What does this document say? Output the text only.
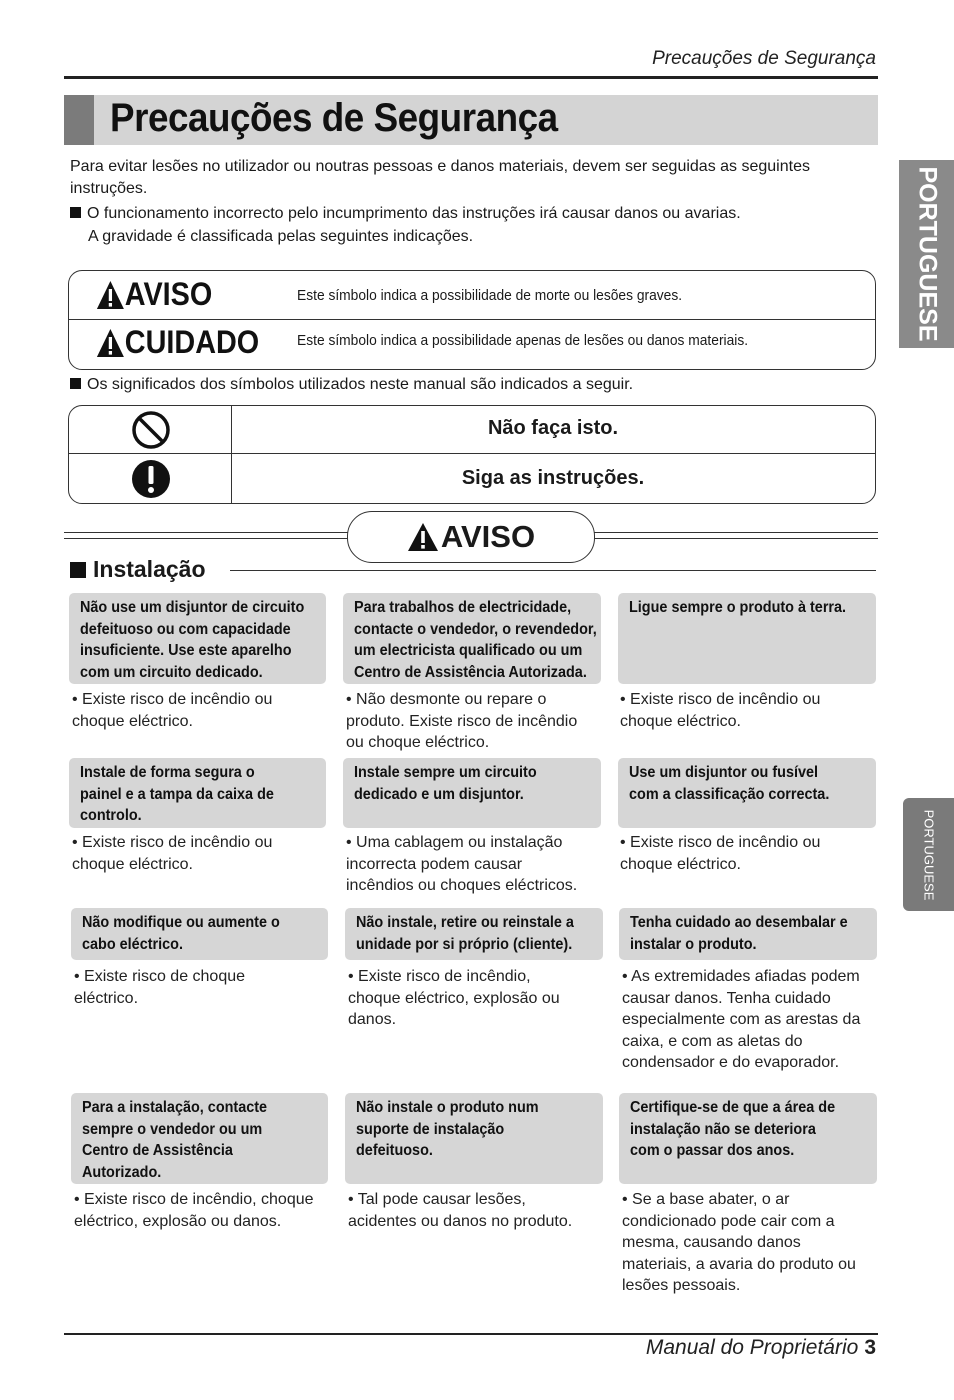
Precauções de Segurança
Precauções de Segurança

Para evitar lesões no utilizador ou noutras pessoas e danos materiais, devem ser seguidas as seguintes

instruções.

O funcionamento incorrecto pelo incumprimento das instruções irá causar danos ou avarias.

A gravidade é classificada pelas seguintes indicações.

AVISO	Este símbolo indica a possibilidade de morte ou lesões graves.
CUIDADO	Este símbolo indica a possibilidade apenas de lesões ou danos materiais.
Os significados dos símbolos utilizados neste manual são indicados a seguir.
Não faça isto.
Siga as instruções.
AVISO
Instalação
Não use um disjuntor de circuito
defeituoso ou com capacidade
insuficiente. Use este aparelho
com um circuito dedicado.
Para trabalhos de electricidade,
contacte o vendedor, o revendedor,
um electricista qualificado ou um
Centro de Assistência Autorizada.
Ligue sempre o produto à terra.
• Existe risco de incêndio ou
choque eléctrico.
• Não desmonte ou repare o
produto. Existe risco de incêndio
ou choque eléctrico.
• Existe risco de incêndio ou
choque eléctrico.
Instale de forma segura o
painel e a tampa da caixa de
controlo.
Instale sempre um circuito
dedicado e um disjuntor.
Use um disjuntor ou fusível
com a classificação correcta.
• Existe risco de incêndio ou
choque eléctrico.
• Uma cablagem ou instalação
incorrecta podem causar
incêndios ou choques eléctricos.
• Existe risco de incêndio ou
choque eléctrico.
Não modifique ou aumente o
cabo eléctrico.
Não instale, retire ou reinstale a
unidade por si próprio (cliente).
Tenha cuidado ao desembalar e
instalar o produto.
• Existe risco de choque
eléctrico.
• Existe risco de incêndio,
choque eléctrico, explosão ou
danos.
• As extremidades afiadas podem
causar danos. Tenha cuidado
especialmente com as arestas da
caixa, e com as aletas do
condensador e do evaporador.
Para a instalação, contacte
sempre o vendedor ou um
Centro de Assistência
Autorizado.
Não instale o produto num
suporte de instalação
defeituoso.
Certifique-se de que a área de
instalação não se deteriora
com o passar dos anos.
• Existe risco de incêndio, choque
eléctrico, explosão ou danos.
• Tal pode causar lesões,
acidentes ou danos no produto.
• Se a base abater, o ar
condicionado pode cair com a
mesma, causando danos
materiais, a avaria do produto ou
lesões pessoais.
PORTUGUESE
PORTUGUESE
Manual do Proprietário 3
